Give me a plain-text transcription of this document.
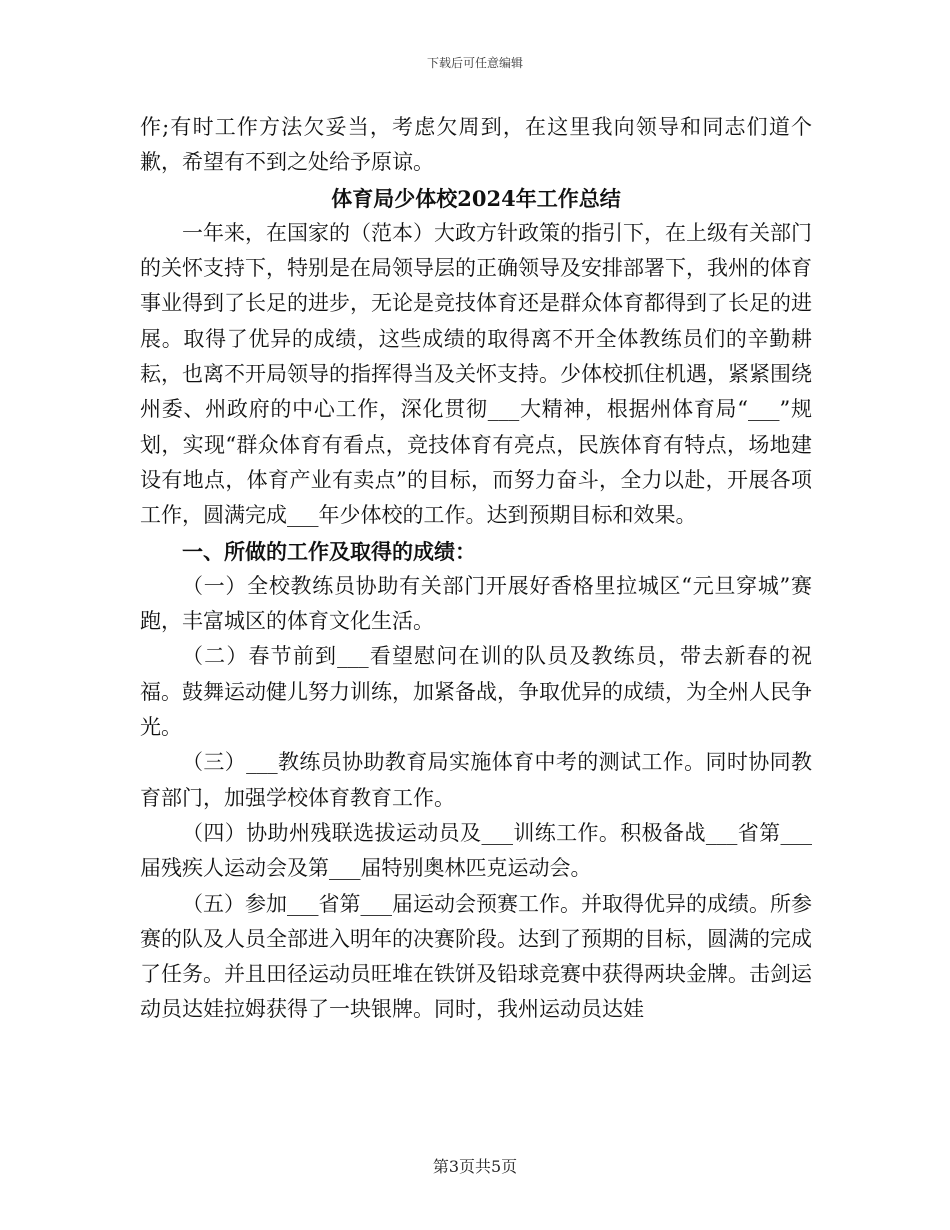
下载后可任意编辑

作;有时工作方法欠妥当，考虑欠周到，在这里我向领导和同志们道个歉，希望有不到之处给予原谅。

体育局少体校2024年工作总结

一年来，在国家的（范本）大政方针政策的指引下，在上级有关部门的关怀支持下，特别是在局领导层的正确领导及安排部署下，我州的体育事业得到了长足的进步，无论是竞技体育还是群众体育都得到了长足的进展。取得了优异的成绩，这些成绩的取得离不开全体教练员们的辛勤耕耘，也离不开局领导的指挥得当及关怀支持。少体校抓住机遇，紧紧围绕州委、州政府的中心工作，深化贯彻___大精神，根据州体育局“___”规划，实现“群众体育有看点，竞技体育有亮点，民族体育有特点，场地建设有地点，体育产业有卖点”的目标，而努力奋斗，全力以赴，开展各项工作，圆满完成___年少体校的工作。达到预期目标和效果。

一、所做的工作及取得的成绩：

（一）全校教练员协助有关部门开展好香格里拉城区“元旦穿城”赛跑，丰富城区的体育文化生活。

（二）春节前到___看望慰问在训的队员及教练员，带去新春的祝福。鼓舞运动健儿努力训练，加紧备战，争取优异的成绩，为全州人民争光。

（三）___教练员协助教育局实施体育中考的测试工作。同时协同教育部门，加强学校体育教育工作。

（四）协助州残联选拔运动员及___训练工作。积极备战___省第___届残疾人运动会及第___届特别奥林匹克运动会。

（五）参加___省第___届运动会预赛工作。并取得优异的成绩。所参赛的队及人员全部进入明年的决赛阶段。达到了预期的目标，圆满的完成了任务。并且田径运动员旺堆在铁饼及铅球竞赛中获得两块金牌。击剑运动员达娃拉姆获得了一块银牌。同时，我州运动员达娃

第3页共5页
